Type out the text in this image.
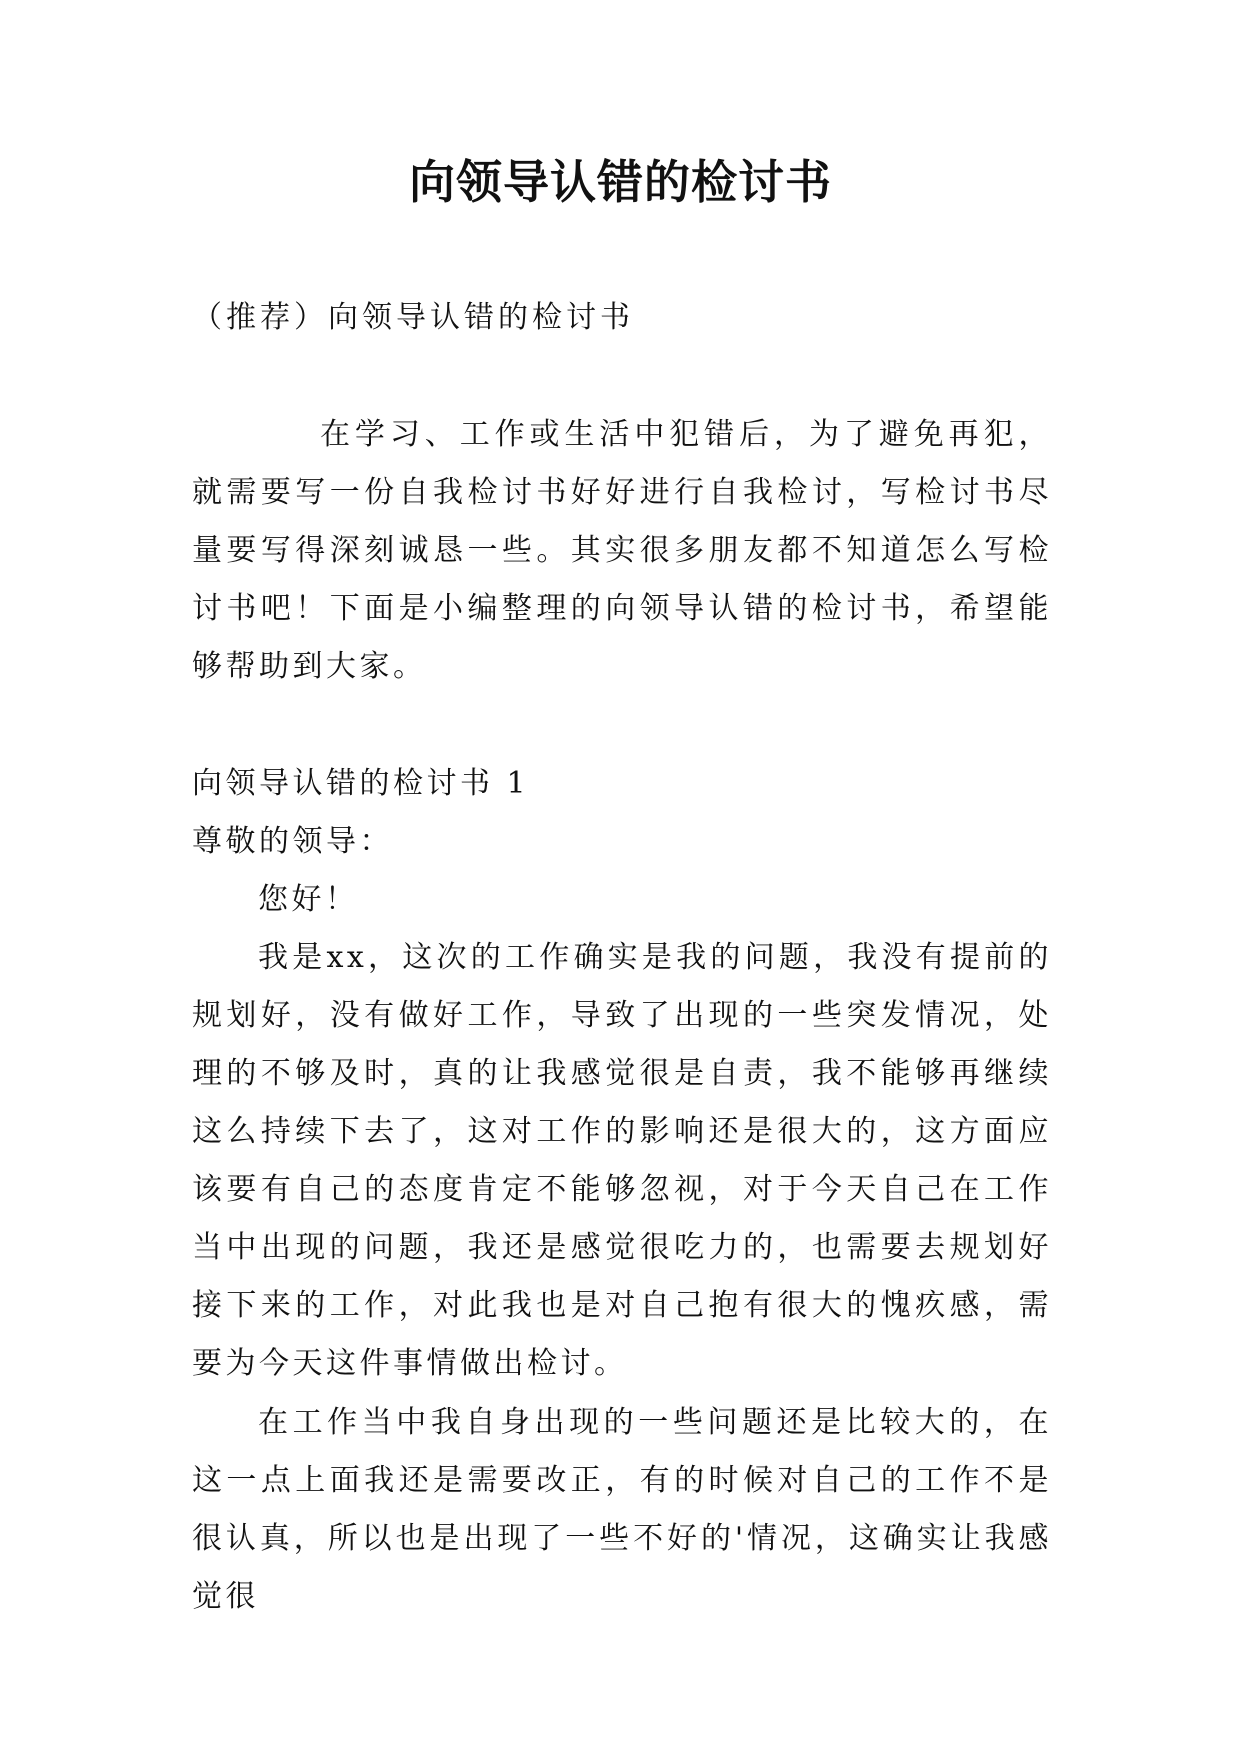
向领导认错的检讨书
（推荐）向领导认错的检讨书
在学习、工作或生活中犯错后，为了避免再犯，就需要写一份自我检讨书好好进行自我检讨，写检讨书尽量要写得深刻诚恳一些。其实很多朋友都不知道怎么写检讨书吧！下面是小编整理的向领导认错的检讨书，希望能够帮助到大家。
向领导认错的检讨书 1
尊敬的领导：
您好！
我是xx，这次的工作确实是我的问题，我没有提前的规划好，没有做好工作，导致了出现的一些突发情况，处理的不够及时，真的让我感觉很是自责，我不能够再继续这么持续下去了，这对工作的影响还是很大的，这方面应该要有自己的态度肯定不能够忽视，对于今天自己在工作当中出现的问题，我还是感觉很吃力的，也需要去规划好接下来的工作，对此我也是对自己抱有很大的愧疚感，需要为今天这件事情做出检讨。
在工作当中我自身出现的一些问题还是比较大的，在这一点上面我还是需要改正，有的时候对自己的工作不是很认真，所以也是出现了一些不好的'情况，这确实让我感觉很
